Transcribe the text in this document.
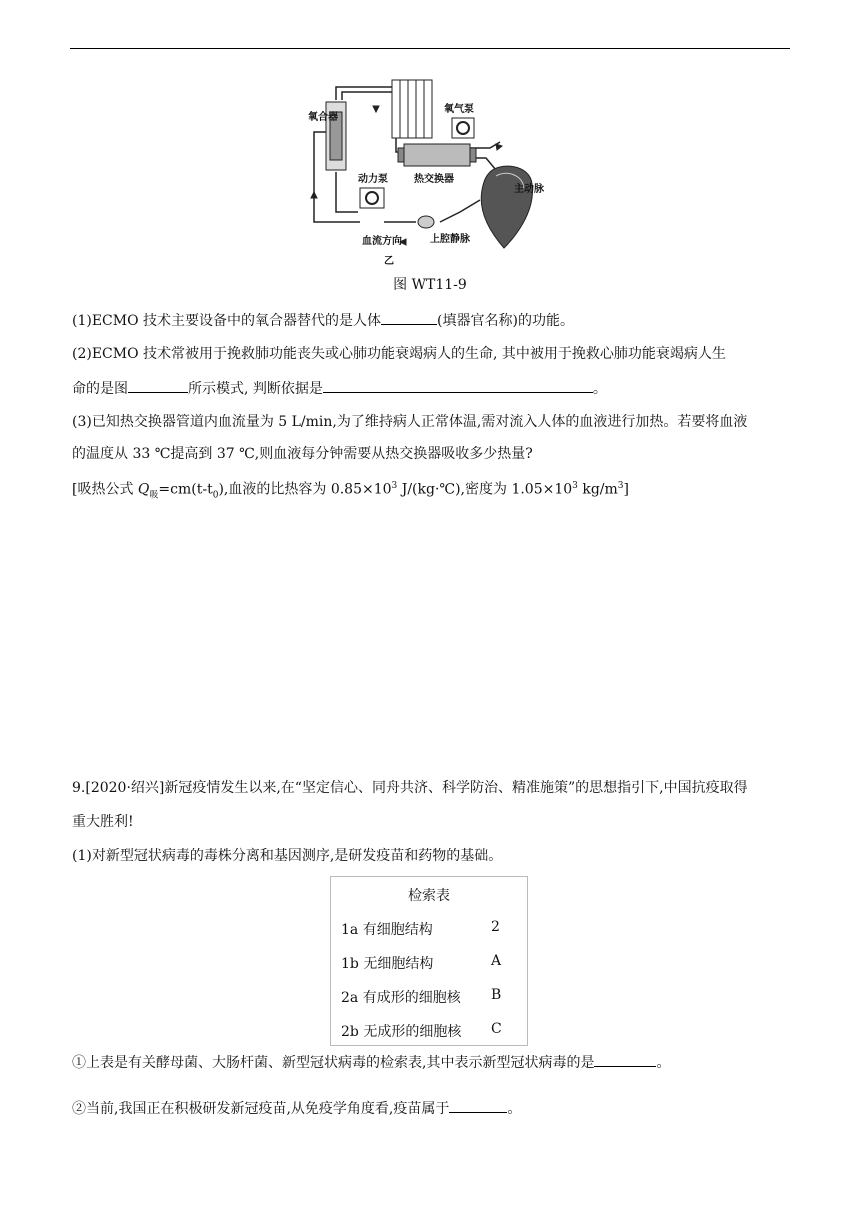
氧合器
氧气泵
动力泵	热交换器
主动脉
血流方向	上腔静脉
乙
图 WT11-9
(1)ECMO 技术主要设备中的氧合器替代的是人体	(填器官名称)的功能。
(2)ECMO 技术常被用于挽救肺功能丧失或心肺功能衰竭病人的生命, 其中被用于挽救心肺功能衰竭病人生
命的是图	所示模式, 判断依据是	。
(3)已知热交换器管道内血流量为 5 L/min,为了维持病人正常体温,需对流入人体的血液进行加热。若要将血液
的温度从 33 ℃提高到 37 ℃,则血液每分钟需要从热交换器吸收多少热量?
[吸热公式 $Q_吸=cm(t-t_0)$,血液的比热容为 $0.85\times 10^3$ J/(kg·℃),密度为 $1.05\times 10^3$ $kg/m^3$]
9.[2020·绍兴]新冠疫情发生以来,在“坚定信心、同舟共济、科学防治、精准施策”的思想指引下,中国抗疫取得
重大胜利!
(1)对新型冠状病毒的毒株分离和基因测序,是研发疫苗和药物的基础。
检索表
1a 有细胞结构	2
1b 无细胞结构	A
2a 有成形的细胞核 B
2b 无成形的细胞核 C
①上表是有关酵母菌、大肠杆菌、新型冠状病毒的检索表,其中表示新型冠状病毒的是	。
②当前,我国正在积极研发新冠疫苗,从免疫学角度看,疫苗属于	。
